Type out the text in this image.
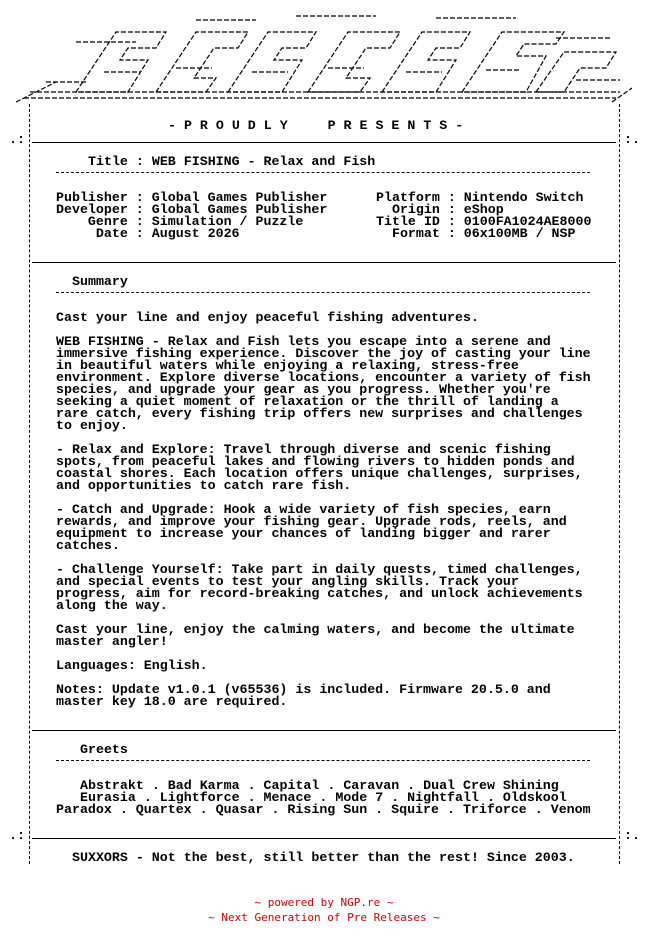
.:	:.
.:	:.
- P R O U D L Y     P R E S E N T S -
Title : WEB FISHING - Relax and Fish
Publisher : Global Games Publisher
Developer : Global Games Publisher
Genre : Simulation / Puzzle
Date : August 2026
Platform : Nintendo Switch
Origin : eShop
Title ID : 0100FA1024AE8000
Format : 06x100MB / NSP
Summary
Cast your line and enjoy peaceful fishing adventures.
WEB FISHING - Relax and Fish lets you escape into a serene and
immersive fishing experience. Discover the joy of casting your line
in beautiful waters while enjoying a relaxing, stress-free
environment. Explore diverse locations, encounter a variety of fish
species, and upgrade your gear as you progress. Whether you're
seeking a quiet moment of relaxation or the thrill of landing a
rare catch, every fishing trip offers new surprises and challenges
to enjoy.
- Relax and Explore: Travel through diverse and scenic fishing
spots, from peaceful lakes and flowing rivers to hidden ponds and
coastal shores. Each location offers unique challenges, surprises,
and opportunities to catch rare fish.
- Catch and Upgrade: Hook a wide variety of fish species, earn
rewards, and improve your fishing gear. Upgrade rods, reels, and
equipment to increase your chances of landing bigger and rarer
catches.
- Challenge Yourself: Take part in daily quests, timed challenges,
and special events to test your angling skills. Track your
progress, aim for record-breaking catches, and unlock achievements
along the way.
Cast your line, enjoy the calming waters, and become the ultimate
master angler!
Languages: English.
Notes: Update v1.0.1 (v65536) is included. Firmware 20.5.0 and
master key 18.0 are required.
Greets
Abstrakt . Bad Karma . Capital . Caravan . Dual Crew Shining
Eurasia . Lightforce . Menace . Mode 7 . Nightfall . Oldskool
Paradox . Quartex . Quasar . Rising Sun . Squire . Triforce . Venom
SUXXORS - Not the best, still better than the rest! Since 2003.
~ powered by NGP.re ~
~ Next Generation of Pre Releases ~
